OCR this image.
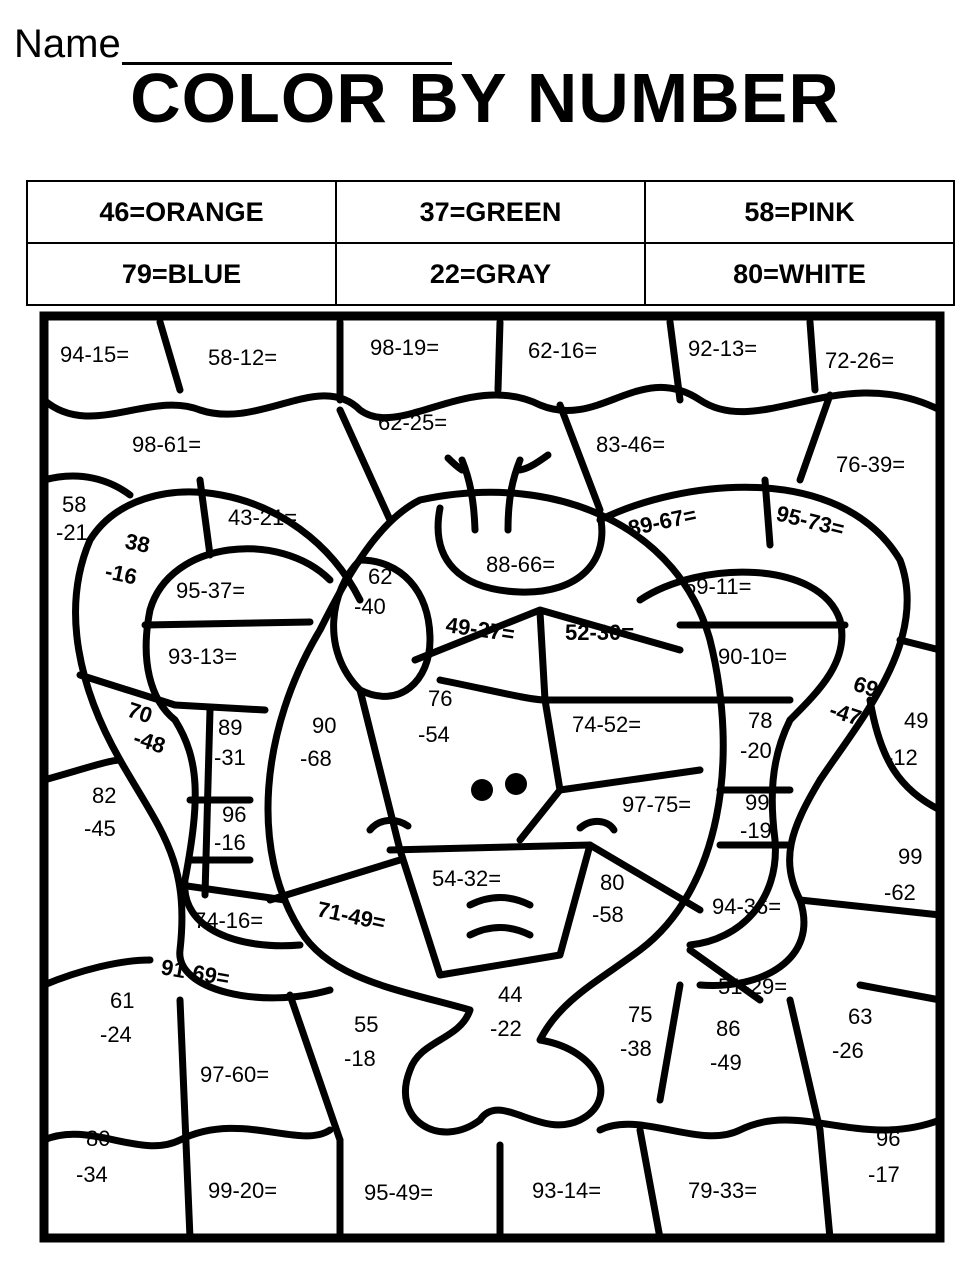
Name
COLOR BY NUMBER
46=ORANGE	37=GREEN	58=PINK
79=BLUE	22=GRAY	80=WHITE
94-15=	58-12=	98-19=	62-16=	92-13=	72-26=
62-25=
98-61=	83-46=
76-39=
58
-21
43-21=
38
-16
95-37=
88-66=
89-67=	95-73=
62
-40
69-11=
93-13=
49-27= 52-30=
90-10=
69
-47
70
-48 89
-31
90
-68
76
-54	74-52=	78
-20
49
-12
82
-45
96
-16
97-75= 99
-19
54-32=	80
-58
99
-62
74-16= 71-49=	94-36=
91-69=	51-29=
61
-24
44
-22
55
-18
75
-38
86
-49
63
-26
97-60=
80
-34
96
-17
99-20=	95-49=	93-14=	79-33=
